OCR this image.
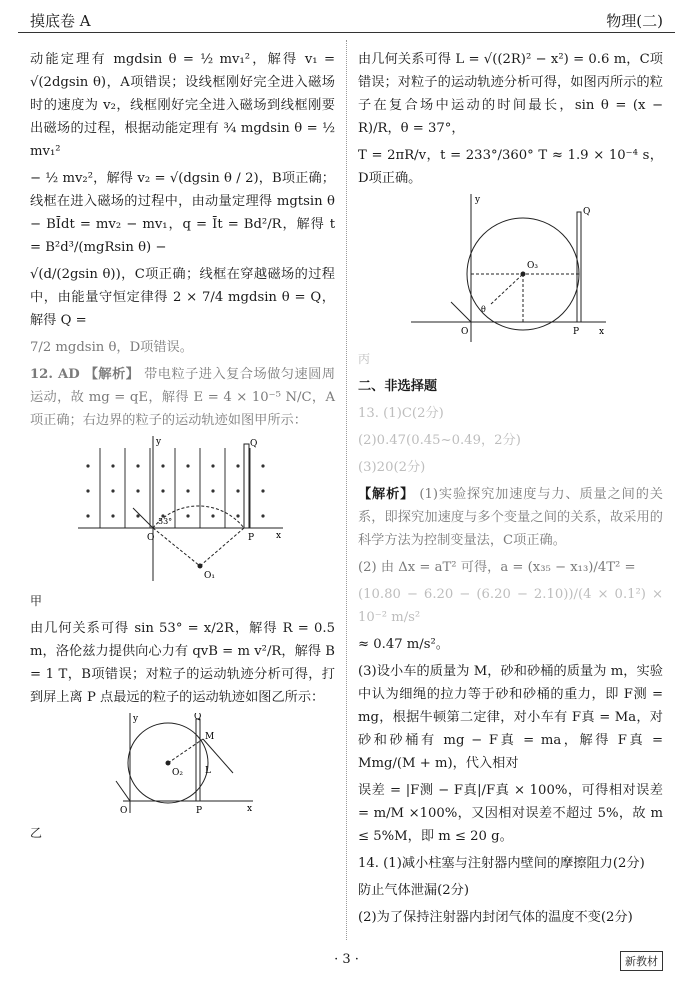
摸底卷 A	物理(二)

动能定理有 mgdsin θ = ½ mv₁²，解得 v₁ = √(2dgsin θ)，A项错误；设线框刚好完全进入磁场时的速度为 v₂，线框刚好完全进入磁场到线框刚要出磁场的过程，根据动能定理有 ¾ mgdsin θ = ½ mv₁²

− ½ mv₂²，解得 v₂ = √(dgsin θ / 2)，B项正确；线框在进入磁场的过程中，由动量定理得 mgtsin θ − BĪdt = mv₂ − mv₁，q = Īt = Bd²/R，解得 t = B²d³/(mgRsin θ) −

√(d/(2gsin θ))，C项正确；线框在穿越磁场的过程中，由能量守恒定律得 2 × 7/4 mgdsin θ = Q，解得 Q =

7/2 mgdsin θ，D项错误。

12. AD 【解析】 带电粒子进入复合场做匀速圆周运动，故 mg = qE，解得 E = 4 × 10⁻⁵ N/C，A项正确；右边界的粒子的运动轨迹如图甲所示：

O	P
Q
y
x
O₁
53°

甲

由几何关系可得 sin 53° = x/2R，解得 R = 0.5 m，洛伦兹力提供向心力有 qvB = m v²/R，解得 B = 1 T，B项错误；对粒子的运动轨迹分析可得，打到屏上离 P 点最远的粒子的运动轨迹如图乙所示：

O	P
Q
M
L
O₂
y
x

乙

由几何关系可得 L = √((2R)² − x²) = 0.6 m，C项错误；对粒子的运动轨迹分析可得，如图丙所示的粒子在复合场中运动的时间最长，sin θ = (x − R)/R，θ = 37°，

T = 2πR/v，t = 233°/360° T ≈ 1.9 × 10⁻⁴ s，D项正确。

O	P
Q
O₃
θ
y
x

丙

二、非选择题

13. (1)C(2分)

(2)0.47(0.45~0.49，2分)

(3)20(2分)

【解析】 (1)实验探究加速度与力、质量之间的关系，即探究加速度与多个变量之间的关系，故采用的科学方法为控制变量法，C项正确。

(2) 由 Δx = aT² 可得，a = (x₃₅ − x₁₃)/4T² =

(10.80 − 6.20 − (6.20 − 2.10))/(4 × 0.1²) × 10⁻² m/s²

≈ 0.47 m/s²。

(3)设小车的质量为 M，砂和砂桶的质量为 m，实验中认为细绳的拉力等于砂和砂桶的重力，即 F测 = mg，根据牛顿第二定律，对小车有 F真 = Ma，对砂和砂桶有 mg − F真 = ma，解得 F真 = Mmg/(M + m)，代入相对

误差 = |F测 − F真|/F真 × 100%，可得相对误差 = m/M ×100%，又因相对误差不超过 5%，故 m ≤ 5%M，即 m ≤ 20 g。

14. (1)减小柱塞与注射器内壁间的摩擦阻力(2分)

防止气体泄漏(2分)

(2)为了保持注射器内封闭气体的温度不变(2分)

· 3 ·	新教材
